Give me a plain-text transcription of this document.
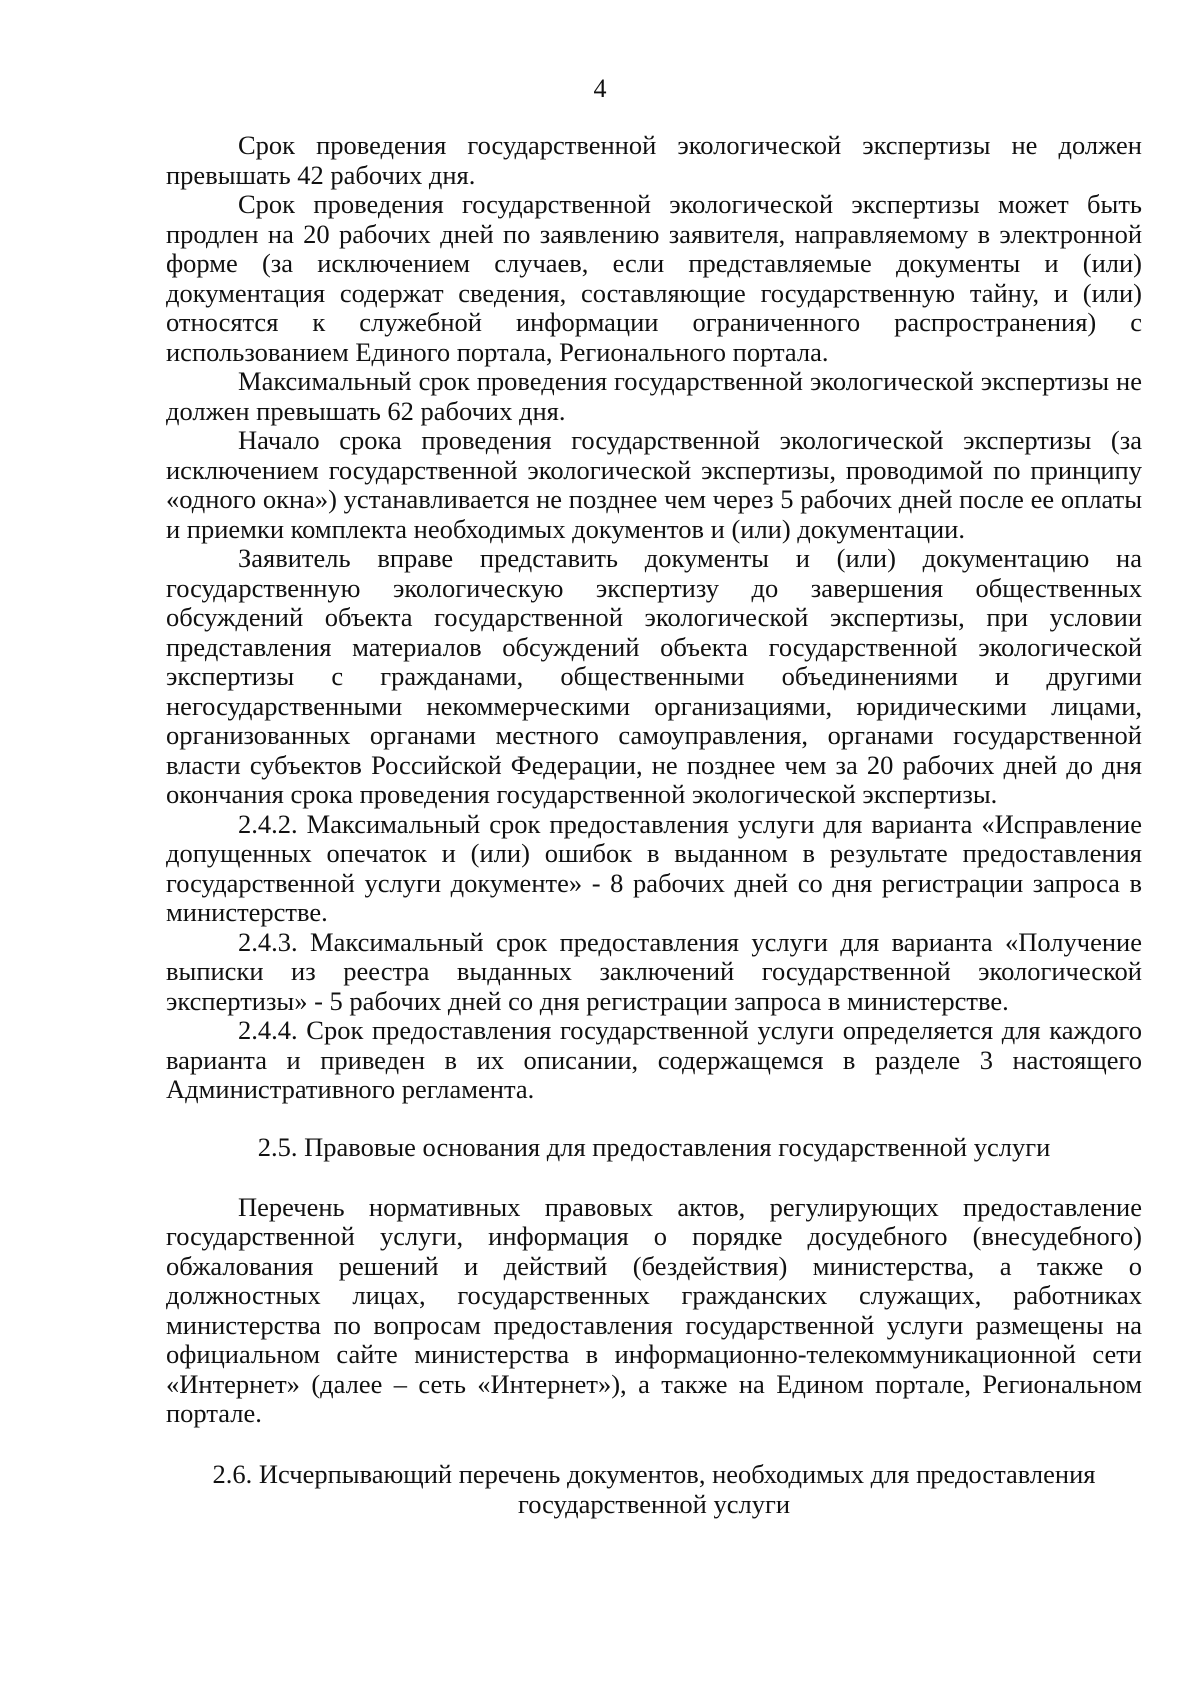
4

Срок проведения государственной экологической экспертизы не должен превышать 42 рабочих дня.

Срок проведения государственной экологической экспертизы может быть продлен на 20 рабочих дней по заявлению заявителя, направляемому в электронной форме (за исключением случаев, если представляемые документы и (или) документация содержат сведения, составляющие государственную тайну, и (или) относятся к служебной информации ограниченного распространения) с использованием Единого портала, Регионального портала.

Максимальный срок проведения государственной экологической экспертизы не должен превышать 62 рабочих дня.

Начало срока проведения государственной экологической экспертизы (за исключением государственной экологической экспертизы, проводимой по принципу «одного окна») устанавливается не позднее чем через 5 рабочих дней после ее оплаты и приемки комплекта необходимых документов и (или) документации.

Заявитель вправе представить документы и (или) документацию на государственную экологическую экспертизу до завершения общественных обсуждений объекта государственной экологической экспертизы, при условии представления материалов обсуждений объекта государственной экологической экспертизы с гражданами, общественными объединениями и другими негосударственными некоммерческими организациями, юридическими лицами, организованных органами местного самоуправления, органами государственной власти субъектов Российской Федерации, не позднее чем за 20 рабочих дней до дня окончания срока проведения государственной экологической экспертизы.

2.4.2. Максимальный срок предоставления услуги для варианта «Исправление допущенных опечаток и (или) ошибок в выданном в результате предоставления государственной услуги документе» - 8 рабочих дней со дня регистрации запроса в министерстве.

2.4.3. Максимальный срок предоставления услуги для варианта «Получение выписки из реестра выданных заключений государственной экологической экспертизы» - 5 рабочих дней со дня регистрации запроса в министерстве.

2.4.4. Срок предоставления государственной услуги определяется для каждого варианта и приведен в их описании, содержащемся в разделе 3 настоящего Административного регламента.

2.5. Правовые основания для предоставления государственной услуги

Перечень нормативных правовых актов, регулирующих предоставление государственной услуги, информация о порядке досудебного (внесудебного) обжалования решений и действий (бездействия) министерства, а также о должностных лицах, государственных гражданских служащих, работниках министерства по вопросам предоставления государственной услуги размещены на официальном сайте министерства в информационно-телекоммуникационной сети «Интернет» (далее – сеть «Интернет»), а также на Едином портале, Региональном портале.

2.6. Исчерпывающий перечень документов, необходимых для предоставления
государственной услуги
